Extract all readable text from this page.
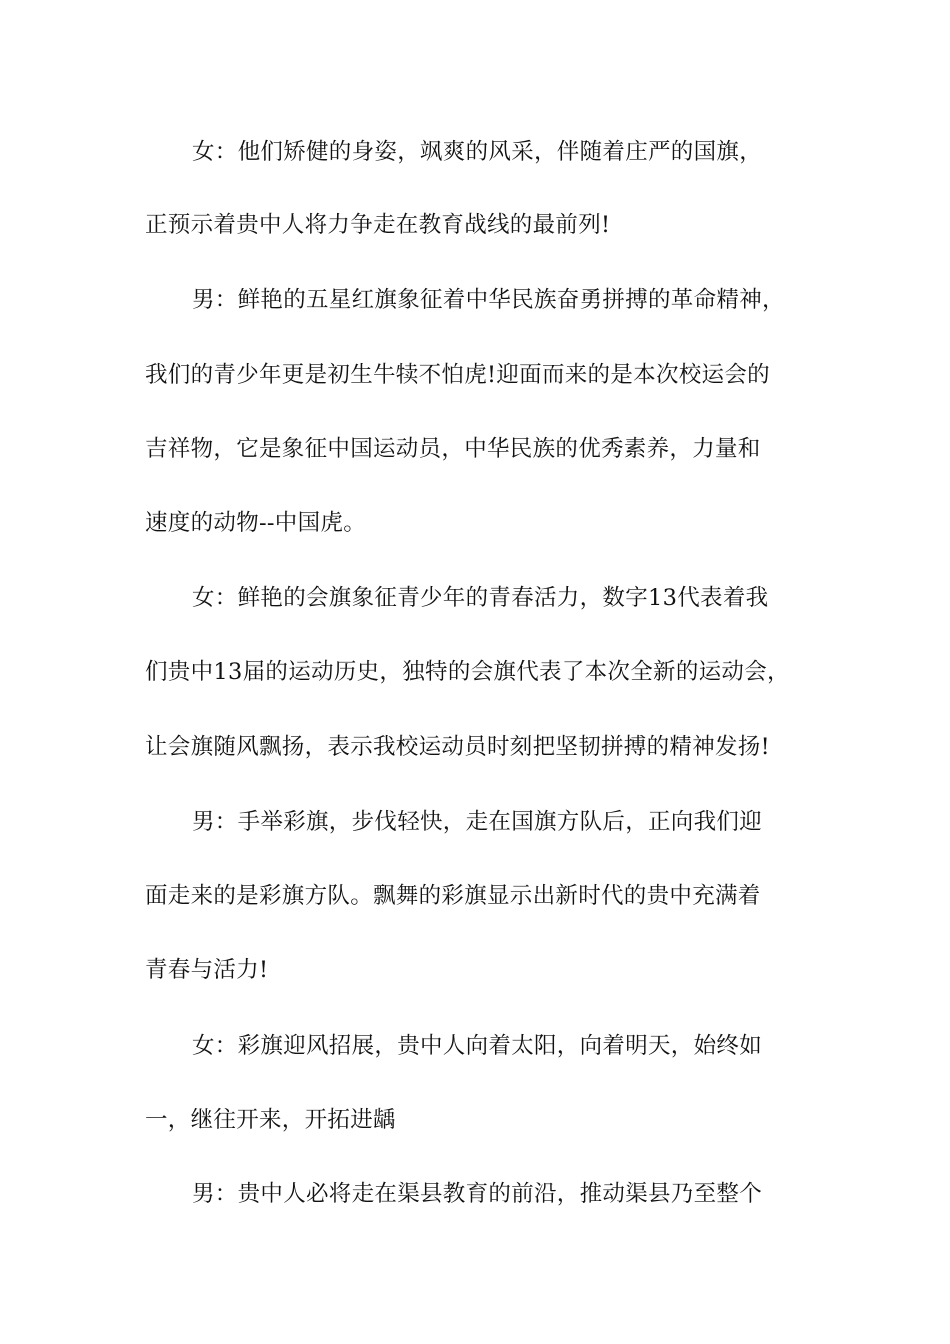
女：他们矫健的身姿，飒爽的风采，伴随着庄严的国旗，
正预示着贵中人将力争走在教育战线的最前列!
男：鲜艳的五星红旗象征着中华民族奋勇拼搏的革命精神，
我们的青少年更是初生牛犊不怕虎!迎面而来的是本次校运会的
吉祥物，它是象征中国运动员，中华民族的优秀素养，力量和
速度的动物--中国虎。
女：鲜艳的会旗象征青少年的青春活力，数字13代表着我
们贵中13届的运动历史，独特的会旗代表了本次全新的运动会，
让会旗随风飘扬，表示我校运动员时刻把坚韧拼搏的精神发扬!
男：手举彩旗，步伐轻快，走在国旗方队后，正向我们迎
面走来的是彩旗方队。飘舞的彩旗显示出新时代的贵中充满着
青春与活力!
女：彩旗迎风招展，贵中人向着太阳，向着明天，始终如
一，继往开来，开拓进龋
男：贵中人必将走在渠县教育的前沿，推动渠县乃至整个
